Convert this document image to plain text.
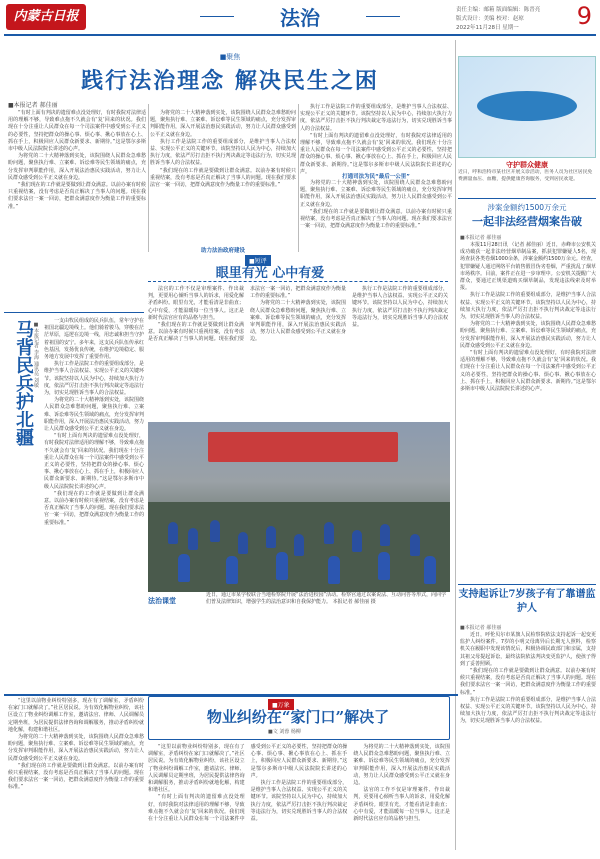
内蒙古日报	法治	责任主编：邮箱 版面编辑：陈晋亮
版式设计：美编 校对：赵琼
2022年11月28日 星期一	9
■聚焦
践行法治理念 解决民生之困
■本报记者 郝佳丽

“有时上面有判决的遗留难点没处理好，有时我院对法律适用的理解不够，导致难点拖不久就会有‘复’回来的状况。我们现在十分注重让人民群众在每一个司法案件中感受到公平正义的必要性，坚持把群众的操心事、烦心事、揪心事放在心上、抓在手上，积极回应人民群众新要求、新期待。”这是鄂尔多斯市中级人民法院院长讲述的心声。

为将党的二十大精神落到实处，该院围绕人民群众急难愁盼问题，聚焦执行难、立案难、诉讼难等民生领域的痛点，充分发挥审判职能作用，深入开展法治惠民实践活动，努力让人民群众感受到公平正义就在身边。

“我们现在的工作就是要做到让群众满意。以前办案有时候只重视结案，没有考虑是否真正解决了当事人的问题。现在我们要求法官一案一回访，把群众满意度作为衡量工作的重要标准。”

为将党的二十大精神落到实处，该院围绕人民群众急难愁盼问题，聚焦执行难、立案难、诉讼难等民生领域的痛点，充分发挥审判职能作用，深入开展法治惠民实践活动，努力让人民群众感受到公平正义就在身边。

执行工作是法院工作的重要组成部分，是维护当事人合法权益、实现公平正义的关键环节。该院坚持以人民为中心，持续加大执行力度，依法严厉打击拒不执行判决裁定等违法行为，切实兑现胜诉当事人的合法权益。

“我们现在的工作就是要做到让群众满意。以前办案有时候只重视结案，没有考虑是否真正解决了当事人的问题。现在我们要求法官一案一回访，把群众满意度作为衡量工作的重要标准。”

执行工作是法院工作的重要组成部分，是维护当事人合法权益、实现公平正义的关键环节。该院坚持以人民为中心，持续加大执行力度，依法严厉打击拒不执行判决裁定等违法行为，切实兑现胜诉当事人的合法权益。

“有时上面有判决的遗留难点没处理好，有时我院对法律适用的理解不够，导致难点拖不久就会有‘复’回来的状况。我们现在十分注重让人民群众在每一个司法案件中感受到公平正义的必要性，坚持把群众的操心事、烦心事、揪心事放在心上、抓在手上，积极回应人民群众新要求、新期待。”这是鄂尔多斯市中级人民法院院长讲述的心声。

打通司法为民“最后一公里”

为将党的二十大精神落到实处，该院围绕人民群众急难愁盼问题，聚焦执行难、立案难、诉讼难等民生领域的痛点，充分发挥审判职能作用，深入开展法治惠民实践活动，努力让人民群众感受到公平正义就在身边。

“我们现在的工作就是要做到让群众满意。以前办案有时候只重视结案，没有考虑是否真正解决了当事人的问题。现在我们要求法官一案一回访，把群众满意度作为衡量工作的重要标准。”

助力法治政府建设
马背民兵护北疆 ■本报记者 李海 通讯员 刘敏

一支由牧民组成的民兵队伍，常年守护在祖国北疆边境线上。他们骑着骏马，穿梭在茫茫草原，巡逻在边境一线，用忠诚和担当守护着祖国的安宁。多年来，这支民兵队伍传承红色基因，发扬优良传统，在维护边境稳定、服务地方发展中发挥了重要作用。

执行工作是法院工作的重要组成部分，是维护当事人合法权益、实现公平正义的关键环节。该院坚持以人民为中心，持续加大执行力度，依法严厉打击拒不执行判决裁定等违法行为，切实兑现胜诉当事人的合法权益。

为将党的二十大精神落到实处，该院围绕人民群众急难愁盼问题，聚焦执行难、立案难、诉讼难等民生领域的痛点，充分发挥审判职能作用，深入开展法治惠民实践活动，努力让人民群众感受到公平正义就在身边。

“有时上面有判决的遗留难点没处理好，有时我院对法律适用的理解不够，导致难点拖不久就会有‘复’回来的状况。我们现在十分注重让人民群众在每一个司法案件中感受到公平正义的必要性，坚持把群众的操心事、烦心事、揪心事放在心上、抓在手上，积极回应人民群众新要求、新期待。”这是鄂尔多斯市中级人民法院院长讲述的心声。

“我们现在的工作就是要做到让群众满意。以前办案有时候只重视结案，没有考虑是否真正解决了当事人的问题。现在我们要求法官一案一回访，把群众满意度作为衡量工作的重要标准。”

■短评
眼里有光 心中有爱

法官的工作不仅是审理案件、作出裁判，更要用心倾听当事人的诉求，用爱化解矛盾纠纷。眼里有光，才能看清是非曲直；心中有爱，才能温暖每一位当事人。这正是新时代法官应有的品格与担当。

“我们现在的工作就是要做到让群众满意。以前办案有时候只重视结案，没有考虑是否真正解决了当事人的问题。现在我们要求法官一案一回访，把群众满意度作为衡量工作的重要标准。”

为将党的二十大精神落到实处，该院围绕人民群众急难愁盼问题，聚焦执行难、立案难、诉讼难等民生领域的痛点，充分发挥审判职能作用，深入开展法治惠民实践活动，努力让人民群众感受到公平正义就在身边。

执行工作是法院工作的重要组成部分，是维护当事人合法权益、实现公平正义的关键环节。该院坚持以人民为中心，持续加大执行力度，依法严厉打击拒不执行判决裁定等违法行为，切实兑现胜诉当事人的合法权益。

法治课堂
近日，通辽市某学校联合当地检察院开展“法治进校园”活动。检察官通过以案说法、互动问答等形式，向同学们普及法律知识，增强学生的法治意识和自我保护能力。 本报记者 郝佳丽 摄
守护群众健康
近日，呼和浩特市某社区开展义诊活动，医务人员为社区居民免费测量血压、血糖，提供健康咨询服务，受到居民欢迎。
涉案金额约1500万余元
一起非法经营烟案告破
■本报记者 郝佳丽

本报11月28日讯 （记者 郝佳丽）近日，赤峰市公安机关成功破获一起非法经营烟草制品案，抓获犯罪嫌疑人5名，现场查获各类卷烟1000余条，涉案金额约1500万余元。经查，犯罪嫌疑人通过网络平台销售假冒伪劣卷烟，严重扰乱了烟草市场秩序。目前，案件正在进一步审理中。公安机关提醒广大群众，要通过正规渠道购买烟草制品，发现违法线索及时举报。

执行工作是法院工作的重要组成部分，是维护当事人合法权益、实现公平正义的关键环节。该院坚持以人民为中心，持续加大执行力度，依法严厉打击拒不执行判决裁定等违法行为，切实兑现胜诉当事人的合法权益。

为将党的二十大精神落到实处，该院围绕人民群众急难愁盼问题，聚焦执行难、立案难、诉讼难等民生领域的痛点，充分发挥审判职能作用，深入开展法治惠民实践活动，努力让人民群众感受到公平正义就在身边。

“有时上面有判决的遗留难点没处理好，有时我院对法律适用的理解不够，导致难点拖不久就会有‘复’回来的状况。我们现在十分注重让人民群众在每一个司法案件中感受到公平正义的必要性，坚持把群众的操心事、烦心事、揪心事放在心上、抓在手上，积极回应人民群众新要求、新期待。”这是鄂尔多斯市中级人民法院院长讲述的心声。

支持起诉让7岁孩子有了靠谱监护人
■本报记者 郝佳丽

近日，呼伦贝尔市某旗人民检察院依法支持起诉一起变更监护人纠纷案件。7岁的小明父母离异后长期无人照料，检察机关在履职中发现该情况后，积极协调民政部门和亲属，支持其祖父母提起诉讼，最终法院依法判决变更监护人，使孩子得到了妥善照顾。

“我们现在的工作就是要做到让群众满意。以前办案有时候只重视结案，没有考虑是否真正解决了当事人的问题。现在我们要求法官一案一回访，把群众满意度作为衡量工作的重要标准。”

执行工作是法院工作的重要组成部分，是维护当事人合法权益、实现公平正义的关键环节。该院坚持以人民为中心，持续加大执行力度，依法严厉打击拒不执行判决裁定等违法行为，切实兑现胜诉当事人的合法权益。

“这里以前物业纠纷特别多，现在有了调解室，矛盾纠纷在家门口就解决了。”社区居民说。为有效化解物业纠纷，该社区设立了物业纠纷调解工作室，邀请法官、律师、人民调解员定期坐班，为居民提供法律咨询和调解服务，推动矛盾纠纷就地化解，构建和谐社区。

为将党的二十大精神落到实处，该院围绕人民群众急难愁盼问题，聚焦执行难、立案难、诉讼难等民生领域的痛点，充分发挥审判职能作用，深入开展法治惠民实践活动，努力让人民群众感受到公平正义就在身边。

“我们现在的工作就是要做到让群众满意。以前办案有时候只重视结案，没有考虑是否真正解决了当事人的问题。现在我们要求法官一案一回访，把群众满意度作为衡量工作的重要标准。”

■万象
物业纠纷在“家门口”解决了
■文 刘蓉 杨柳

“这里以前物业纠纷特别多，现在有了调解室，矛盾纠纷在家门口就解决了。”社区居民说。为有效化解物业纠纷，该社区设立了物业纠纷调解工作室，邀请法官、律师、人民调解员定期坐班，为居民提供法律咨询和调解服务，推动矛盾纠纷就地化解，构建和谐社区。

“有时上面有判决的遗留难点没处理好，有时我院对法律适用的理解不够，导致难点拖不久就会有‘复’回来的状况。我们现在十分注重让人民群众在每一个司法案件中感受到公平正义的必要性，坚持把群众的操心事、烦心事、揪心事放在心上、抓在手上，积极回应人民群众新要求、新期待。”这是鄂尔多斯市中级人民法院院长讲述的心声。

执行工作是法院工作的重要组成部分，是维护当事人合法权益、实现公平正义的关键环节。该院坚持以人民为中心，持续加大执行力度，依法严厉打击拒不执行判决裁定等违法行为，切实兑现胜诉当事人的合法权益。

为将党的二十大精神落到实处，该院围绕人民群众急难愁盼问题，聚焦执行难、立案难、诉讼难等民生领域的痛点，充分发挥审判职能作用，深入开展法治惠民实践活动，努力让人民群众感受到公平正义就在身边。

法官的工作不仅是审理案件、作出裁判，更要用心倾听当事人的诉求，用爱化解矛盾纠纷。眼里有光，才能看清是非曲直；心中有爱，才能温暖每一位当事人。这正是新时代法官应有的品格与担当。
